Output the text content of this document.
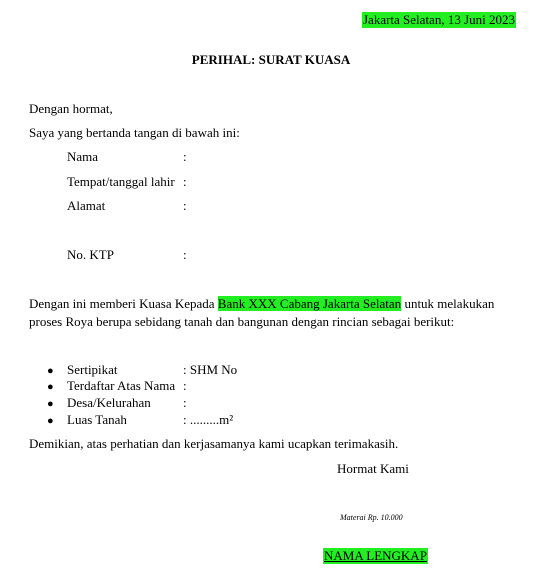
Jakarta Selatan, 13 Juni 2023
PERIHAL: SURAT KUASA
Dengan hormat,
Saya yang bertanda tangan di bawah ini:
Nama	:
Tempat/tanggal lahir :
Alamat	:
No. KTP	:
Dengan ini memberi Kuasa Kepada Bank XXX Cabang Jakarta Selatan untuk melakukan
proses Roya berupa sebidang tanah dan bangunan dengan rincian sebagai berikut:
● Sertipikat	: SHM No
● Terdaftar Atas Nama :
● Desa/Kelurahan :
● Luas Tanah	: .........m²
Demikian, atas perhatian dan kerjasamanya kami ucapkan terimakasih.
Hormat Kami
Materai Rp. 10.000
NAMA LENGKAP
